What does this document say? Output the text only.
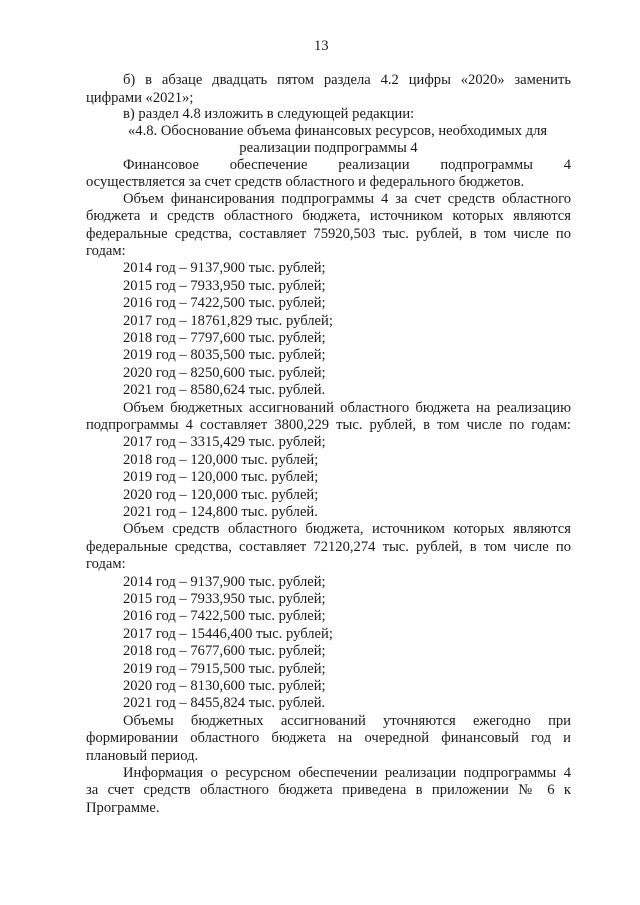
13
б) в абзаце двадцать пятом раздела 4.2 цифры «2020» заменить
цифрами «2021»;
в) раздел 4.8 изложить в следующей редакции:
«4.8. Обоснование объема финансовых ресурсов, необходимых для
реализации подпрограммы 4
Финансовое обеспечение реализации подпрограммы 4
осуществляется за счет средств областного и федерального бюджетов.
Объем финансирования подпрограммы 4 за счет средств областного
бюджета и средств областного бюджета, источником которых являются
федеральные средства, составляет 75920,503 тыс. рублей, в том числе по
годам:
2014 год – 9137,900 тыс. рублей;
2015 год – 7933,950 тыс. рублей;
2016 год – 7422,500 тыс. рублей;
2017 год – 18761,829 тыс. рублей;
2018 год – 7797,600 тыс. рублей;
2019 год – 8035,500 тыс. рублей;
2020 год – 8250,600 тыс. рублей;
2021 год – 8580,624 тыс. рублей.
Объем бюджетных ассигнований областного бюджета на реализацию
подпрограммы 4 составляет 3800,229 тыс. рублей, в том числе по годам:
2017 год – 3315,429 тыс. рублей;
2018 год – 120,000 тыс. рублей;
2019 год – 120,000 тыс. рублей;
2020 год – 120,000 тыс. рублей;
2021 год – 124,800 тыс. рублей.
Объем средств областного бюджета, источником которых являются
федеральные средства, составляет 72120,274 тыс. рублей, в том числе по
годам:
2014 год – 9137,900 тыс. рублей;
2015 год – 7933,950 тыс. рублей;
2016 год – 7422,500 тыс. рублей;
2017 год – 15446,400 тыс. рублей;
2018 год – 7677,600 тыс. рублей;
2019 год – 7915,500 тыс. рублей;
2020 год – 8130,600 тыс. рублей;
2021 год – 8455,824 тыс. рублей.
Объемы бюджетных ассигнований уточняются ежегодно при
формировании областного бюджета на очередной финансовый год и
плановый период.
Информация о ресурсном обеспечении реализации подпрограммы 4
за счет средств областного бюджета приведена в приложении № 6 к
Программе.
